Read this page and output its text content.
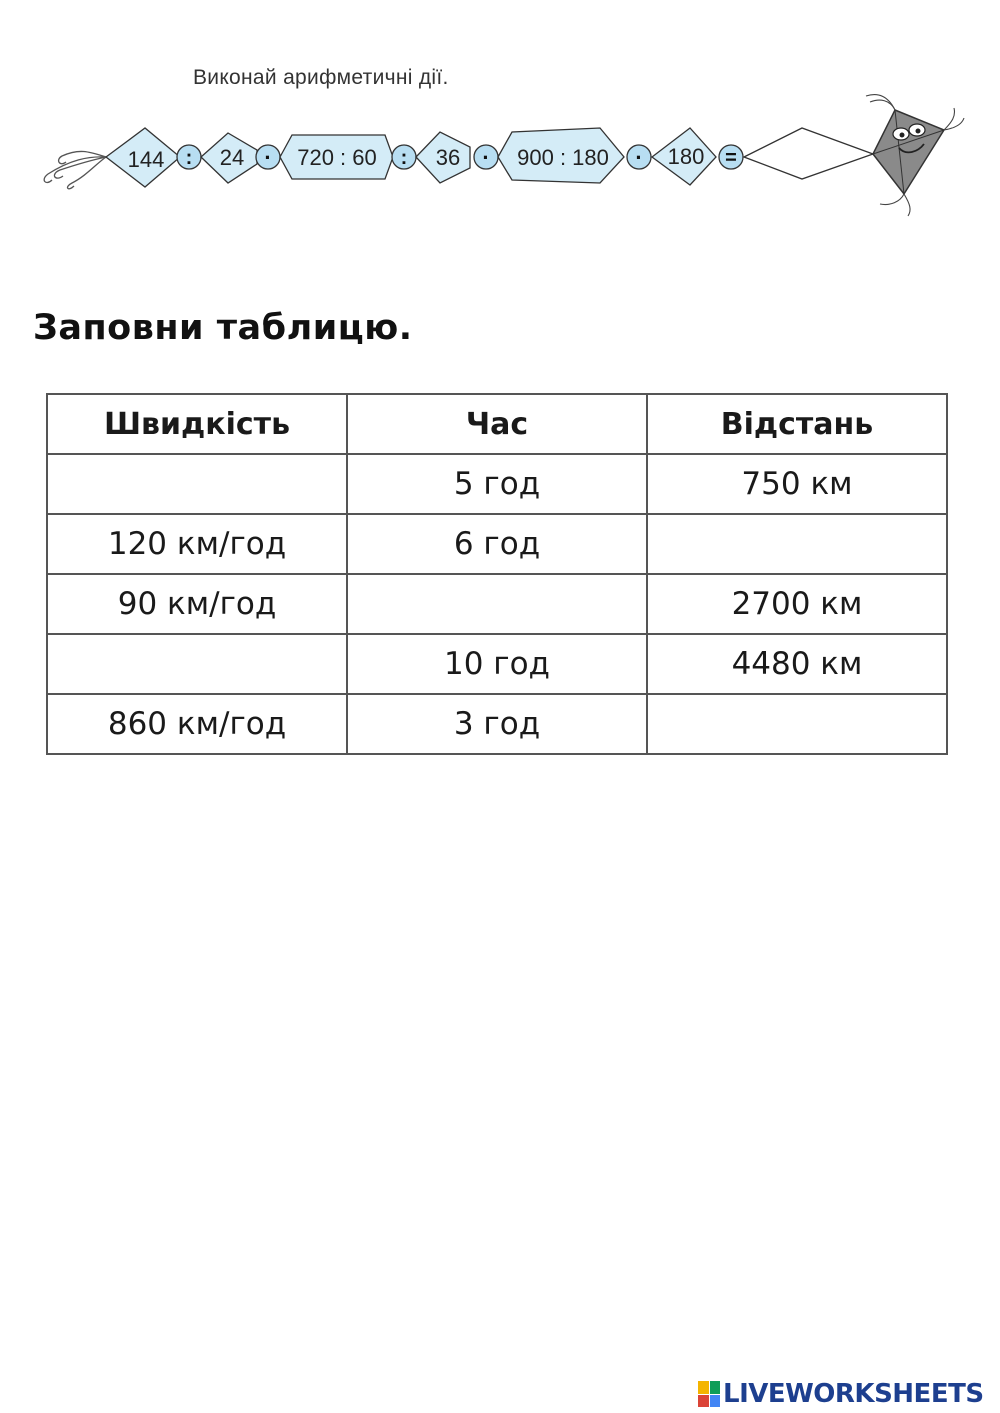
Виконай арифметичні дії.
144 : 24 · 720 : 60 : 36 · 900 : 180 · 180 =
Заповни таблицю.
Швидкість	Час	Відстань
	5 год	750 км
120 км/год	6 год	
90 км/год		2700 км
	10 год	4480 км
860 км/год	3 год	
LIVEWORKSHEETS
